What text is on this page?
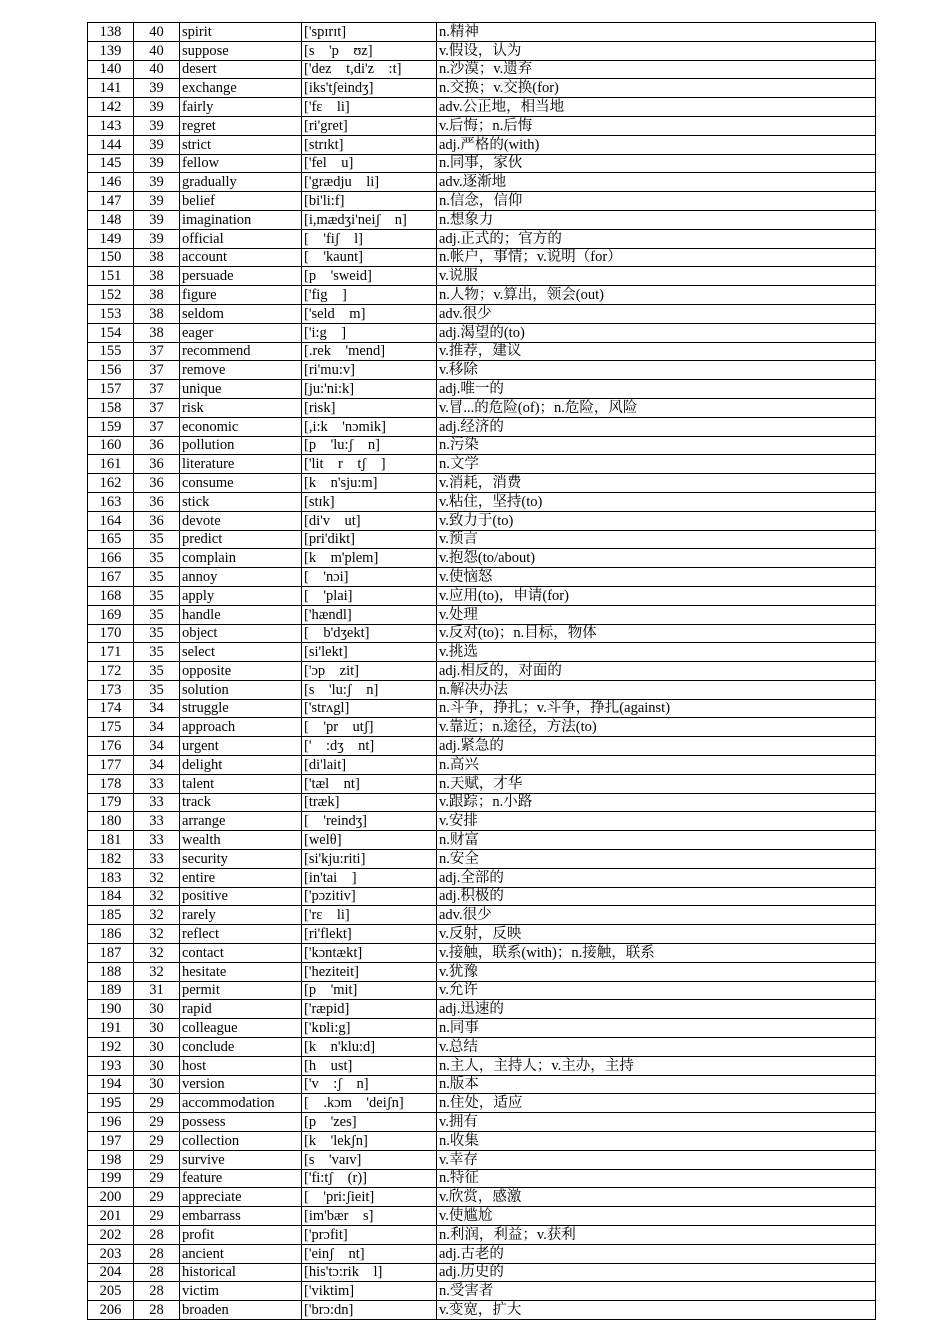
138	40	spirit	['spɪrɪt]	n.精神
139	40	suppose	[s　'p　ʊz]	v.假设，认为
140	40	desert	['dez　t,di'z　:t]	n.沙漠；v.遗弃
141	39	exchange	[iks'tʃeindʒ]	n.交换；v.交换(for)
142	39	fairly	['fɛ　li]	adv.公正地，相当地
143	39	regret	[ri'gret]	v.后悔；n.后悔
144	39	strict	[strɪkt]	adj.严格的(with)
145	39	fellow	['fel　u]	n.同事，家伙
146	39	gradually	['grædju　li]	adv.逐渐地
147	39	belief	[bi'li:f]	n.信念，信仰
148	39	imagination	[i,mædʒi'neiʃ　n]	n.想象力
149	39	official	[　'fiʃ　l]	adj.正式的；官方的
150	38	account	[　'kaunt]	n.帐户，事情；v.说明（for）
151	38	persuade	[p　'sweid]	v.说服
152	38	figure	['fig　]	n.人物；v.算出，领会(out)
153	38	seldom	['seld　m]	adv.很少
154	38	eager	['i:g　]	adj.渴望的(to)
155	37	recommend	[.rek　'mend]	v.推荐，建议
156	37	remove	[ri'mu:v]	v.移除
157	37	unique	[ju:'ni:k]	adj.唯一的
158	37	risk	[risk]	v.冒...的危险(of)；n.危险，风险
159	37	economic	[,i:k　'nɔmik]	adj.经济的
160	36	pollution	[p　'lu:ʃ　n]	n.污染
161	36	literature	['lit　r　tʃ　]	n.文学
162	36	consume	[k　n'sju:m]	v.消耗，消费
163	36	stick	[stɪk]	v.粘住，坚持(to)
164	36	devote	[di'v　ut]	v.致力于(to)
165	35	predict	[pri'dikt]	v.预言
166	35	complain	[k　m'plem]	v.抱怨(to/about)
167	35	annoy	[　'nɔi]	v.使恼怒
168	35	apply	[　'plai]	v.应用(to)，申请(for)
169	35	handle	['hændl]	v.处理
170	35	object	[　b'dʒekt]	v.反对(to)；n.目标，物体
171	35	select	[si'lekt]	v.挑选
172	35	opposite	['ɔp　zit]	adj.相反的，对面的
173	35	solution	[s　'lu:ʃ　n]	n.解决办法
174	34	struggle	['strʌgl]	n.斗争，挣扎；v.斗争，挣扎(against)
175	34	approach	[　'pr　utʃ]	v.靠近；n.途径，方法(to)
176	34	urgent	['　:dʒ　nt]	adj.紧急的
177	34	delight	[di'lait]	n.高兴
178	33	talent	['tæl　nt]	n.天赋，才华
179	33	track	[træk]	v.跟踪；n.小路
180	33	arrange	[　'reindʒ]	v.安排
181	33	wealth	[welθ]	n.财富
182	33	security	[si'kju:riti]	n.安全
183	32	entire	[in'tai　]	adj.全部的
184	32	positive	['pɔzitiv]	adj.积极的
185	32	rarely	['rɛ　li]	adv.很少
186	32	reflect	[ri'flekt]	v.反射，反映
187	32	contact	['kɔntækt]	v.接触，联系(with)；n.接触，联系
188	32	hesitate	['heziteit]	v.犹豫
189	31	permit	[p　'mit]	v.允许
190	30	rapid	['ræpid]	adj.迅速的
191	30	colleague	['kɒli:g]	n.同事
192	30	conclude	[k　n'klu:d]	v.总结
193	30	host	[h　ust]	n.主人，主持人；v.主办，主持
194	30	version	['v　:ʃ　n]	n.版本
195	29	accommodation	[　.kɔm　'deiʃn]	n.住处，适应
196	29	possess	[p　'zes]	v.拥有
197	29	collection	[k　'lekʃn]	n.收集
198	29	survive	[s　'vaɪv]	v.幸存
199	29	feature	['fi:tʃ　(r)]	n.特征
200	29	appreciate	[　'pri:ʃieit]	v.欣赏，感激
201	29	embarrass	[im'bær　s]	v.使尴尬
202	28	profit	['prɔfit]	n.利润，利益；v.获利
203	28	ancient	['einʃ　nt]	adj.古老的
204	28	historical	[his'tɔ:rik　l]	adj.历史的
205	28	victim	['viktim]	n.受害者
206	28	broaden	['brɔ:dn]	v.变宽，扩大
